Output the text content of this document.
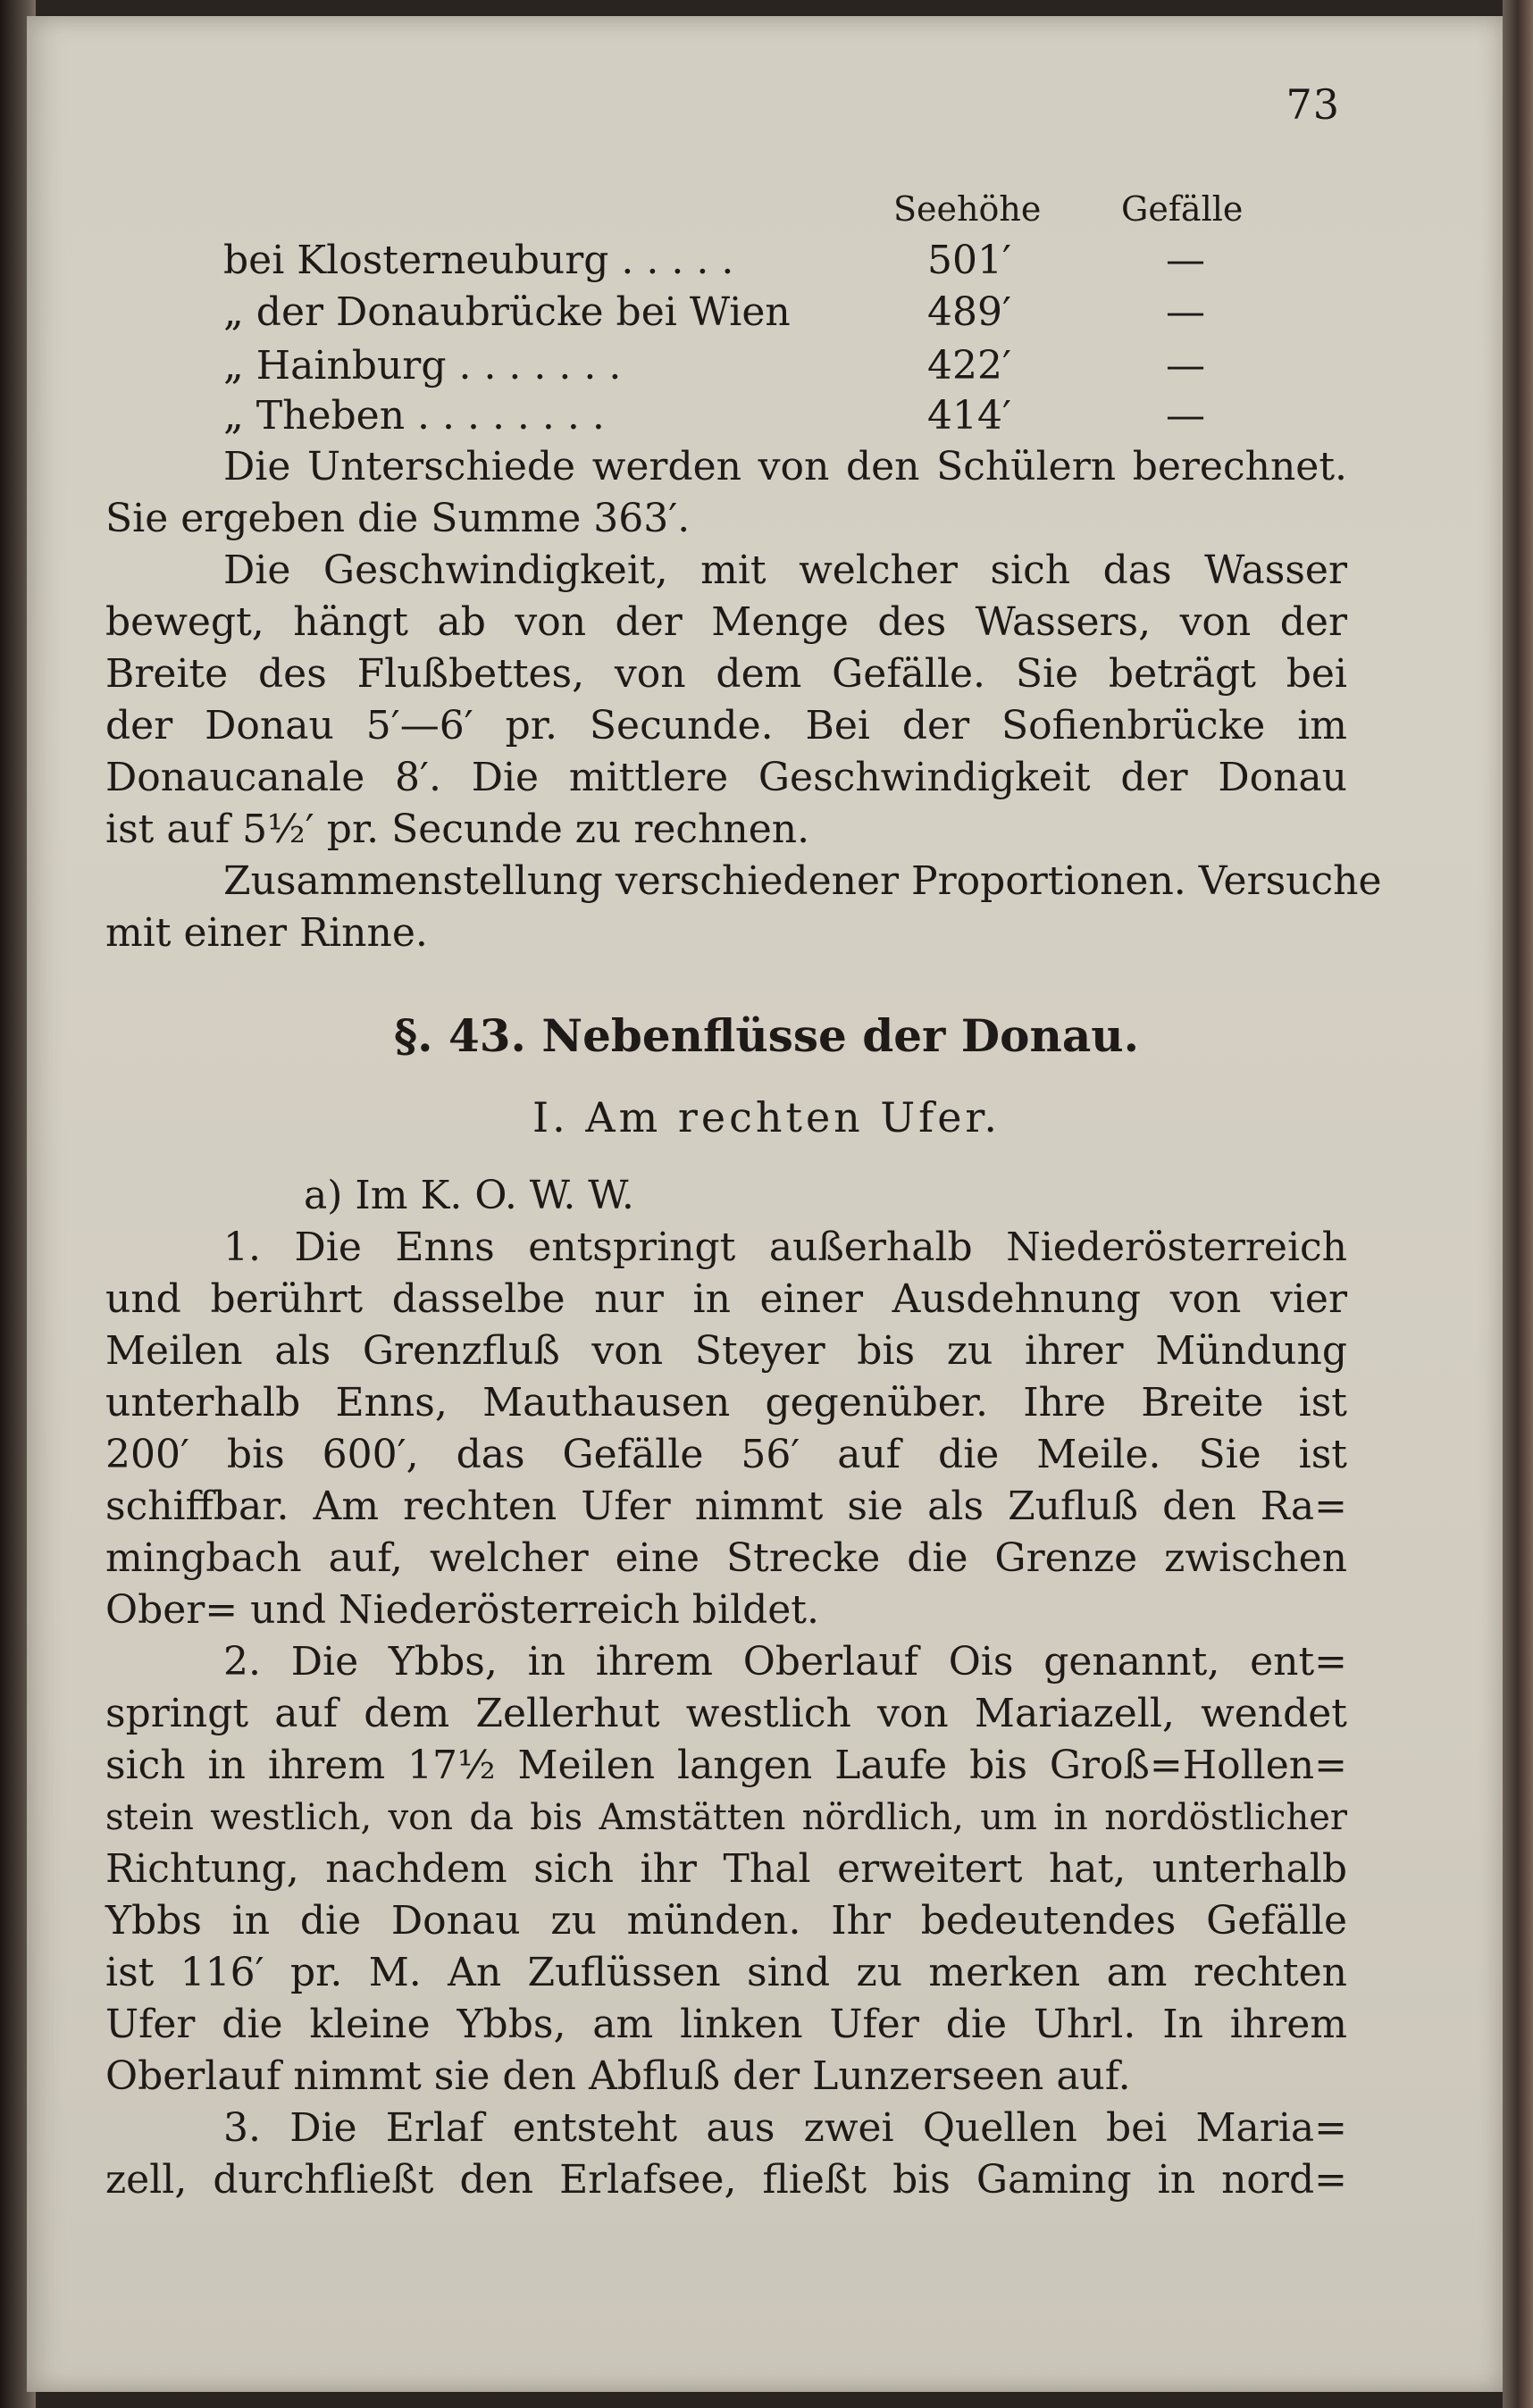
73
Seehöhe Gefälle
bei Klosterneuburg . . . . .	501′	—
„ der Donaubrücke bei Wien	489′	—
„ Hainburg . . . . . . .	422′	—
„ Theben . . . . . . . .	414′	—
Die Unterschiede werden von den Schülern berechnet.
Sie ergeben die Summe 363′.
Die Geschwindigkeit, mit welcher sich das Wasser
bewegt, hängt ab von der Menge des Wassers, von der
Breite des Flußbettes, von dem Gefälle. Sie beträgt bei
der Donau 5′—6′ pr. Secunde. Bei der Sofienbrücke im
Donaucanale 8′. Die mittlere Geschwindigkeit der Donau
ist auf 5½′ pr. Secunde zu rechnen.
Zusammenstellung verschiedener Proportionen. Versuche
mit einer Rinne.
§. 43. Nebenflüsse der Donau.
I. Am rechten Ufer.
a) Im K. O. W. W.
1. Die Enns entspringt außerhalb Niederösterreich
und berührt dasselbe nur in einer Ausdehnung von vier
Meilen als Grenzfluß von Steyer bis zu ihrer Mündung
unterhalb Enns, Mauthausen gegenüber. Ihre Breite ist
200′ bis 600′, das Gefälle 56′ auf die Meile. Sie ist
schiffbar. Am rechten Ufer nimmt sie als Zufluß den Ra=
mingbach auf, welcher eine Strecke die Grenze zwischen
Ober= und Niederösterreich bildet.
2. Die Ybbs, in ihrem Oberlauf Ois genannt, ent=
springt auf dem Zellerhut westlich von Mariazell, wendet
sich in ihrem 17½ Meilen langen Laufe bis Groß=Hollen=
stein westlich, von da bis Amstätten nördlich, um in nordöstlicher
Richtung, nachdem sich ihr Thal erweitert hat, unterhalb
Ybbs in die Donau zu münden. Ihr bedeutendes Gefälle
ist 116′ pr. M. An Zuflüssen sind zu merken am rechten
Ufer die kleine Ybbs, am linken Ufer die Uhrl. In ihrem
Oberlauf nimmt sie den Abfluß der Lunzerseen auf.
3. Die Erlaf entsteht aus zwei Quellen bei Maria=
zell, durchfließt den Erlafsee, fließt bis Gaming in nord=
